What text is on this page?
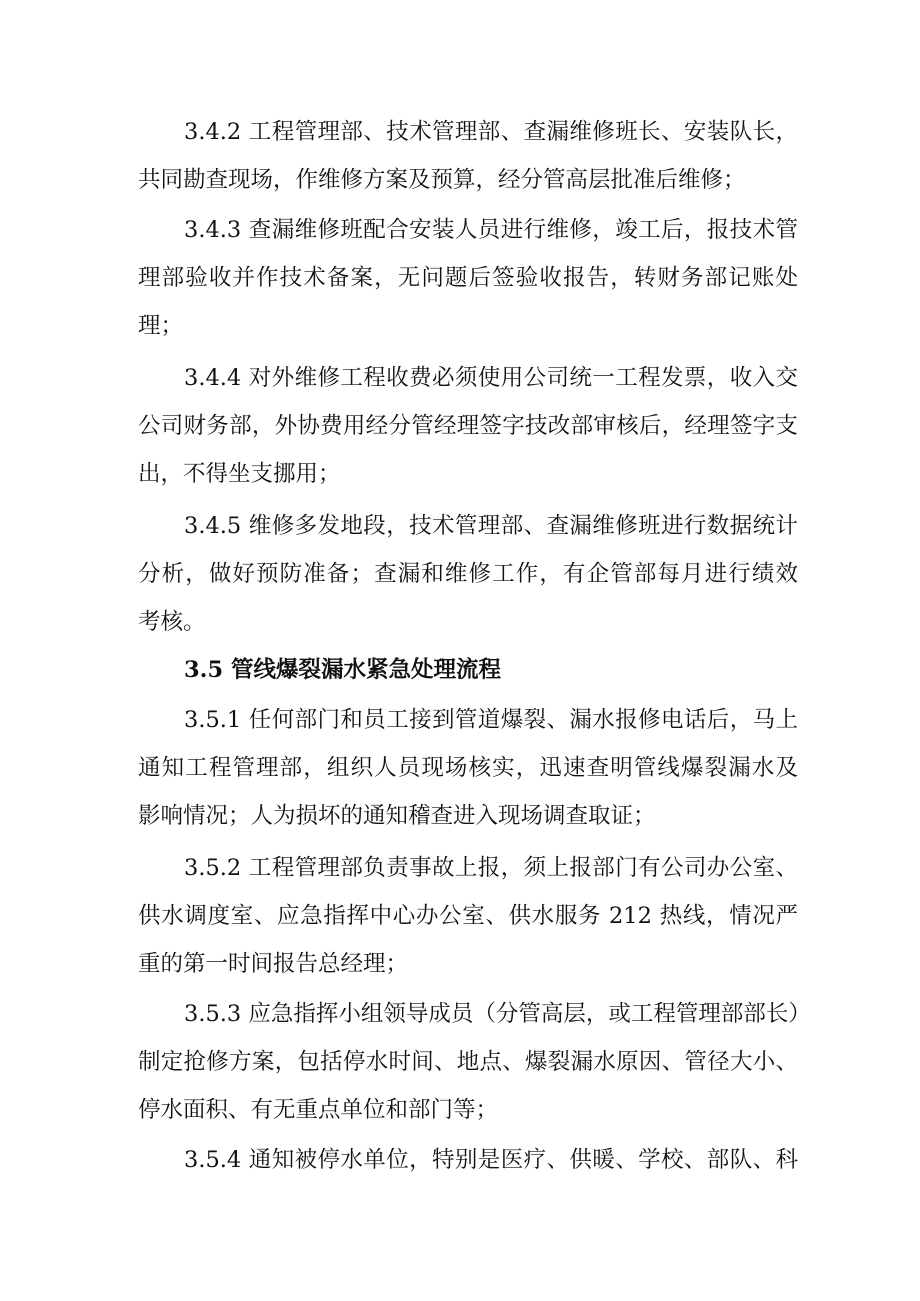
3.4.2 工程管理部、技术管理部、查漏维修班长、安装队长，
共同勘查现场，作维修方案及预算，经分管高层批准后维修；

3.4.3 查漏维修班配合安装人员进行维修，竣工后，报技术管
理部验收并作技术备案，无问题后签验收报告，转财务部记账处
理；

3.4.4 对外维修工程收费必须使用公司统一工程发票，收入交
公司财务部，外协费用经分管经理签字技改部审核后，经理签字支
出，不得坐支挪用；

3.4.5 维修多发地段，技术管理部、查漏维修班进行数据统计
分析，做好预防准备；查漏和维修工作，有企管部每月进行绩效
考核。

3.5 管线爆裂漏水紧急处理流程

3.5.1 任何部门和员工接到管道爆裂、漏水报修电话后，马上
通知工程管理部，组织人员现场核实，迅速查明管线爆裂漏水及
影响情况；人为损坏的通知稽查进入现场调查取证；

3.5.2 工程管理部负责事故上报，须上报部门有公司办公室、
供水调度室、应急指挥中心办公室、供水服务 212 热线，情况严
重的第一时间报告总经理；

3.5.3 应急指挥小组领导成员（分管高层，或工程管理部部长）
制定抢修方案，包括停水时间、地点、爆裂漏水原因、管径大小、
停水面积、有无重点单位和部门等；

3.5.4 通知被停水单位，特别是医疗、供暖、学校、部队、科
